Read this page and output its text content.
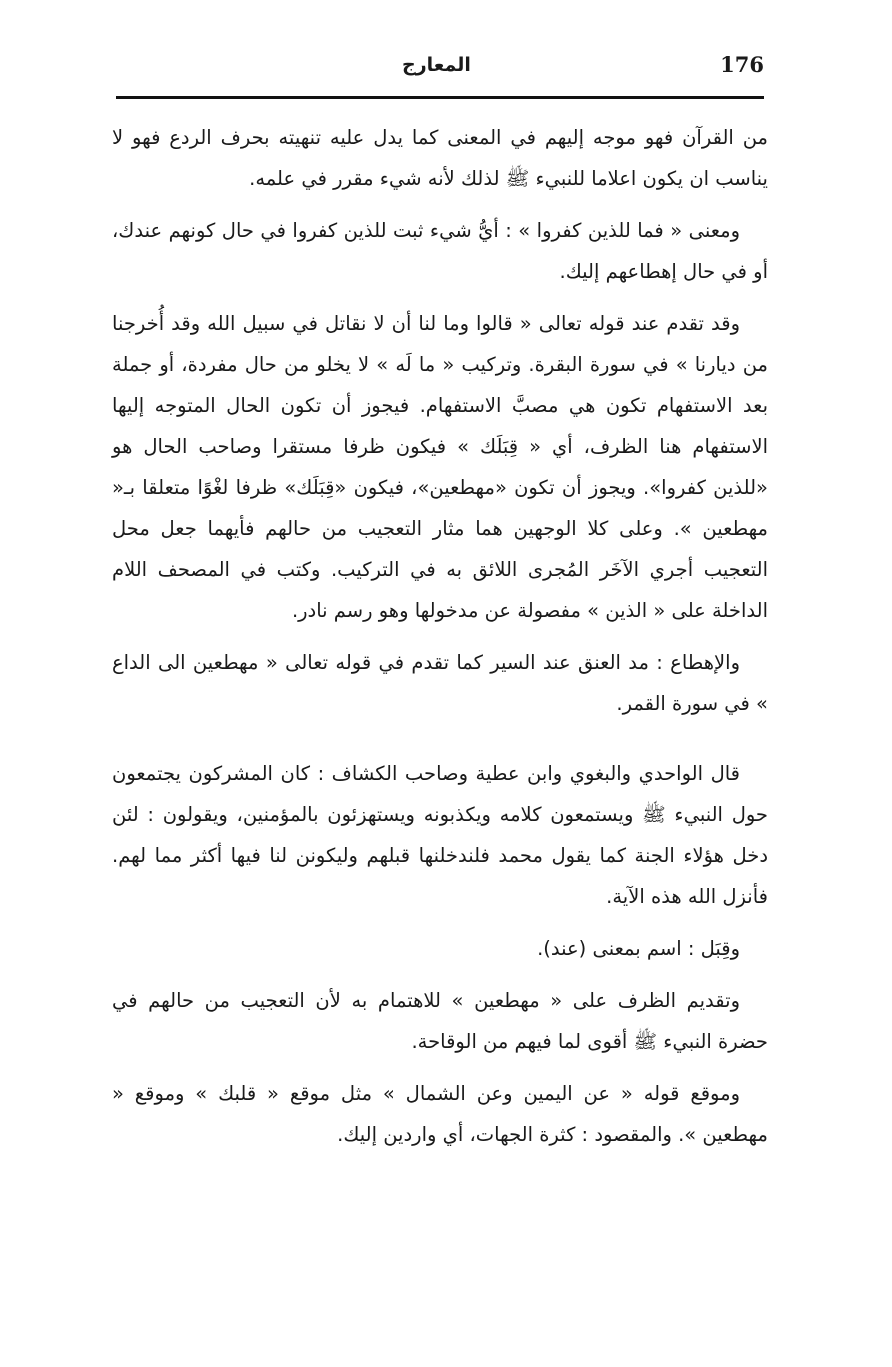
176
المعارج

من القرآن فهو موجه إليهم في المعنى كما يدل عليه تنهيته بحرف الردع فهو لا يناسب ان يكون اعلاما للنبيء ﷺ لذلك لأنه شيء مقرر في علمه.

ومعنى « فما للذين كفروا » : أيُّ شيء ثبت للذين كفروا في حال كونهم عندك، أو في حال إهطاعهم إليك.

وقد تقدم عند قوله تعالى « قالوا وما لنا أن لا نقاتل في سبيل الله وقد أُخرجنا من ديارنا » في سورة البقرة. وتركيب « ما لَه » لا يخلو من حال مفردة، أو جملة بعد الاستفهام تكون هي مصبَّ الاستفهام. فيجوز أن تكون الحال المتوجه إليها الاستفهام هنا الظرف، أي « قِبَلَك » فيكون ظرفا مستقرا وصاحب الحال هو «للذين كفروا». ويجوز أن تكون «مهطعين»، فيكون «قِبَلَك» ظرفا لغْوًا متعلقا بـ« مهطعين ». وعلى كلا الوجهين هما مثار التعجيب من حالهم فأيهما جعل محل التعجيب أجري الآخَر المُجرى اللائق به في التركيب. وكتب في المصحف اللام الداخلة على « الذين » مفصولة عن مدخولها وهو رسم نادر.

والإهطاع : مد العنق عند السير كما تقدم في قوله تعالى « مهطعين الى الداع » في سورة القمر.

قال الواحدي والبغوي وابن عطية وصاحب الكشاف : كان المشركون يجتمعون حول النبيء ﷺ ويستمعون كلامه ويكذبونه ويستهزئون بالمؤمنين، ويقولون : لئن دخل هؤلاء الجنة كما يقول محمد فلندخلنها قبلهم وليكونن لنا فيها أكثر مما لهم. فأنزل الله هذه الآية.

وقِبَل : اسم بمعنى (عند).

وتقديم الظرف على « مهطعين » للاهتمام به لأن التعجيب من حالهم في حضرة النبيء ﷺ أقوى لما فيهم من الوقاحة.

وموقع قوله « عن اليمين وعن الشمال » مثل موقع « قلبك » وموقع « مهطعين ». والمقصود : كثرة الجهات، أي واردين إليك.
